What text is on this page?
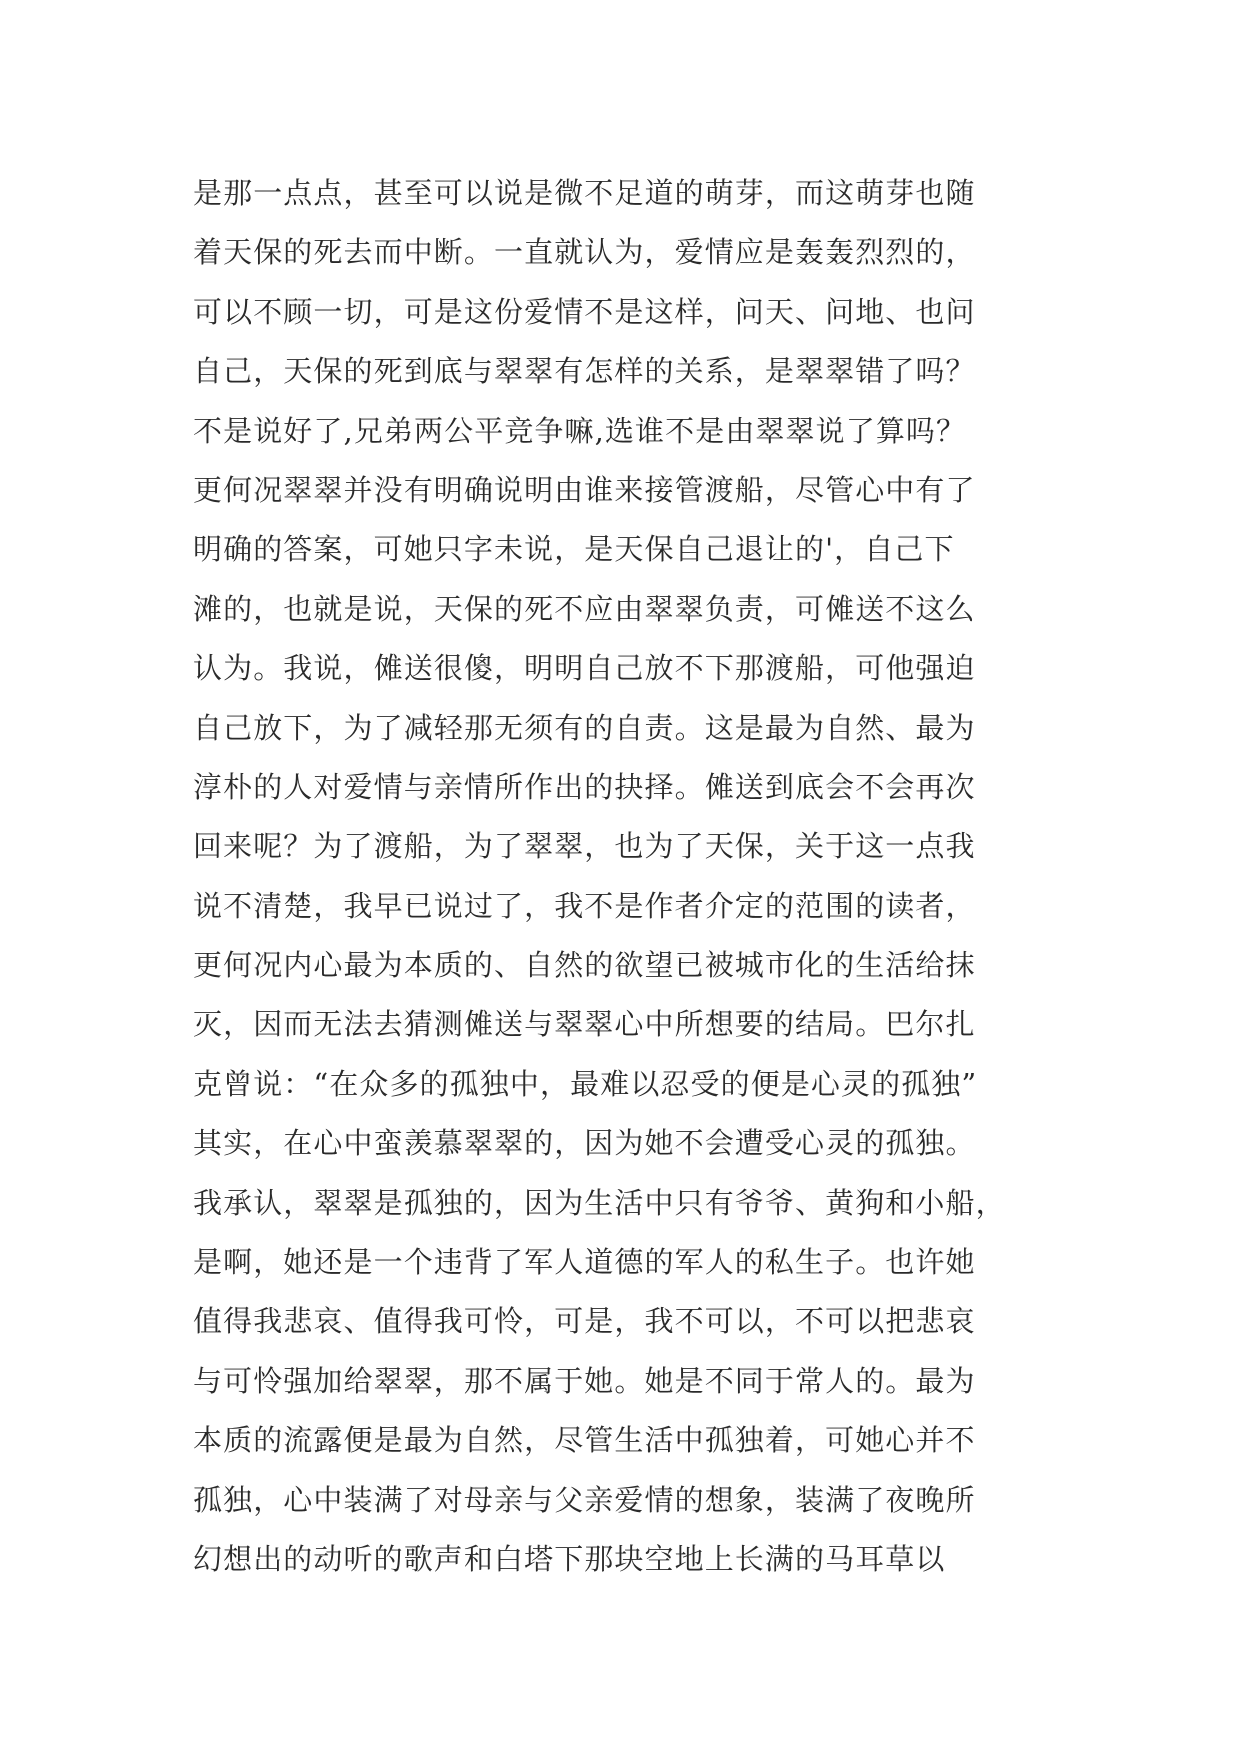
是那一点点，甚至可以说是微不足道的萌芽，而这萌芽也随
着天保的死去而中断。一直就认为，爱情应是轰轰烈烈的，
可以不顾一切，可是这份爱情不是这样，问天、问地、也问
自己，天保的死到底与翠翠有怎样的关系，是翠翠错了吗？
不是说好了,兄弟两公平竞争嘛,选谁不是由翠翠说了算吗？
更何况翠翠并没有明确说明由谁来接管渡船，尽管心中有了
明确的答案，可她只字未说，是天保自己退让的'，自己下
滩的，也就是说，天保的死不应由翠翠负责，可傩送不这么
认为。我说，傩送很傻，明明自己放不下那渡船，可他强迫
自己放下，为了减轻那无须有的自责。这是最为自然、最为
淳朴的人对爱情与亲情所作出的抉择。傩送到底会不会再次
回来呢？为了渡船，为了翠翠，也为了天保，关于这一点我
说不清楚，我早已说过了，我不是作者介定的范围的读者，
更何况内心最为本质的、自然的欲望已被城市化的生活给抹
灭，因而无法去猜测傩送与翠翠心中所想要的结局。巴尔扎
克曾说：“在众多的孤独中，最难以忍受的便是心灵的孤独”
其实，在心中蛮羡慕翠翠的，因为她不会遭受心灵的孤独。
我承认，翠翠是孤独的，因为生活中只有爷爷、黄狗和小船，
是啊，她还是一个违背了军人道德的军人的私生子。也许她
值得我悲哀、值得我可怜，可是，我不可以，不可以把悲哀
与可怜强加给翠翠，那不属于她。她是不同于常人的。最为
本质的流露便是最为自然，尽管生活中孤独着，可她心并不
孤独，心中装满了对母亲与父亲爱情的想象，装满了夜晚所
幻想出的动听的歌声和白塔下那块空地上长满的马耳草以
